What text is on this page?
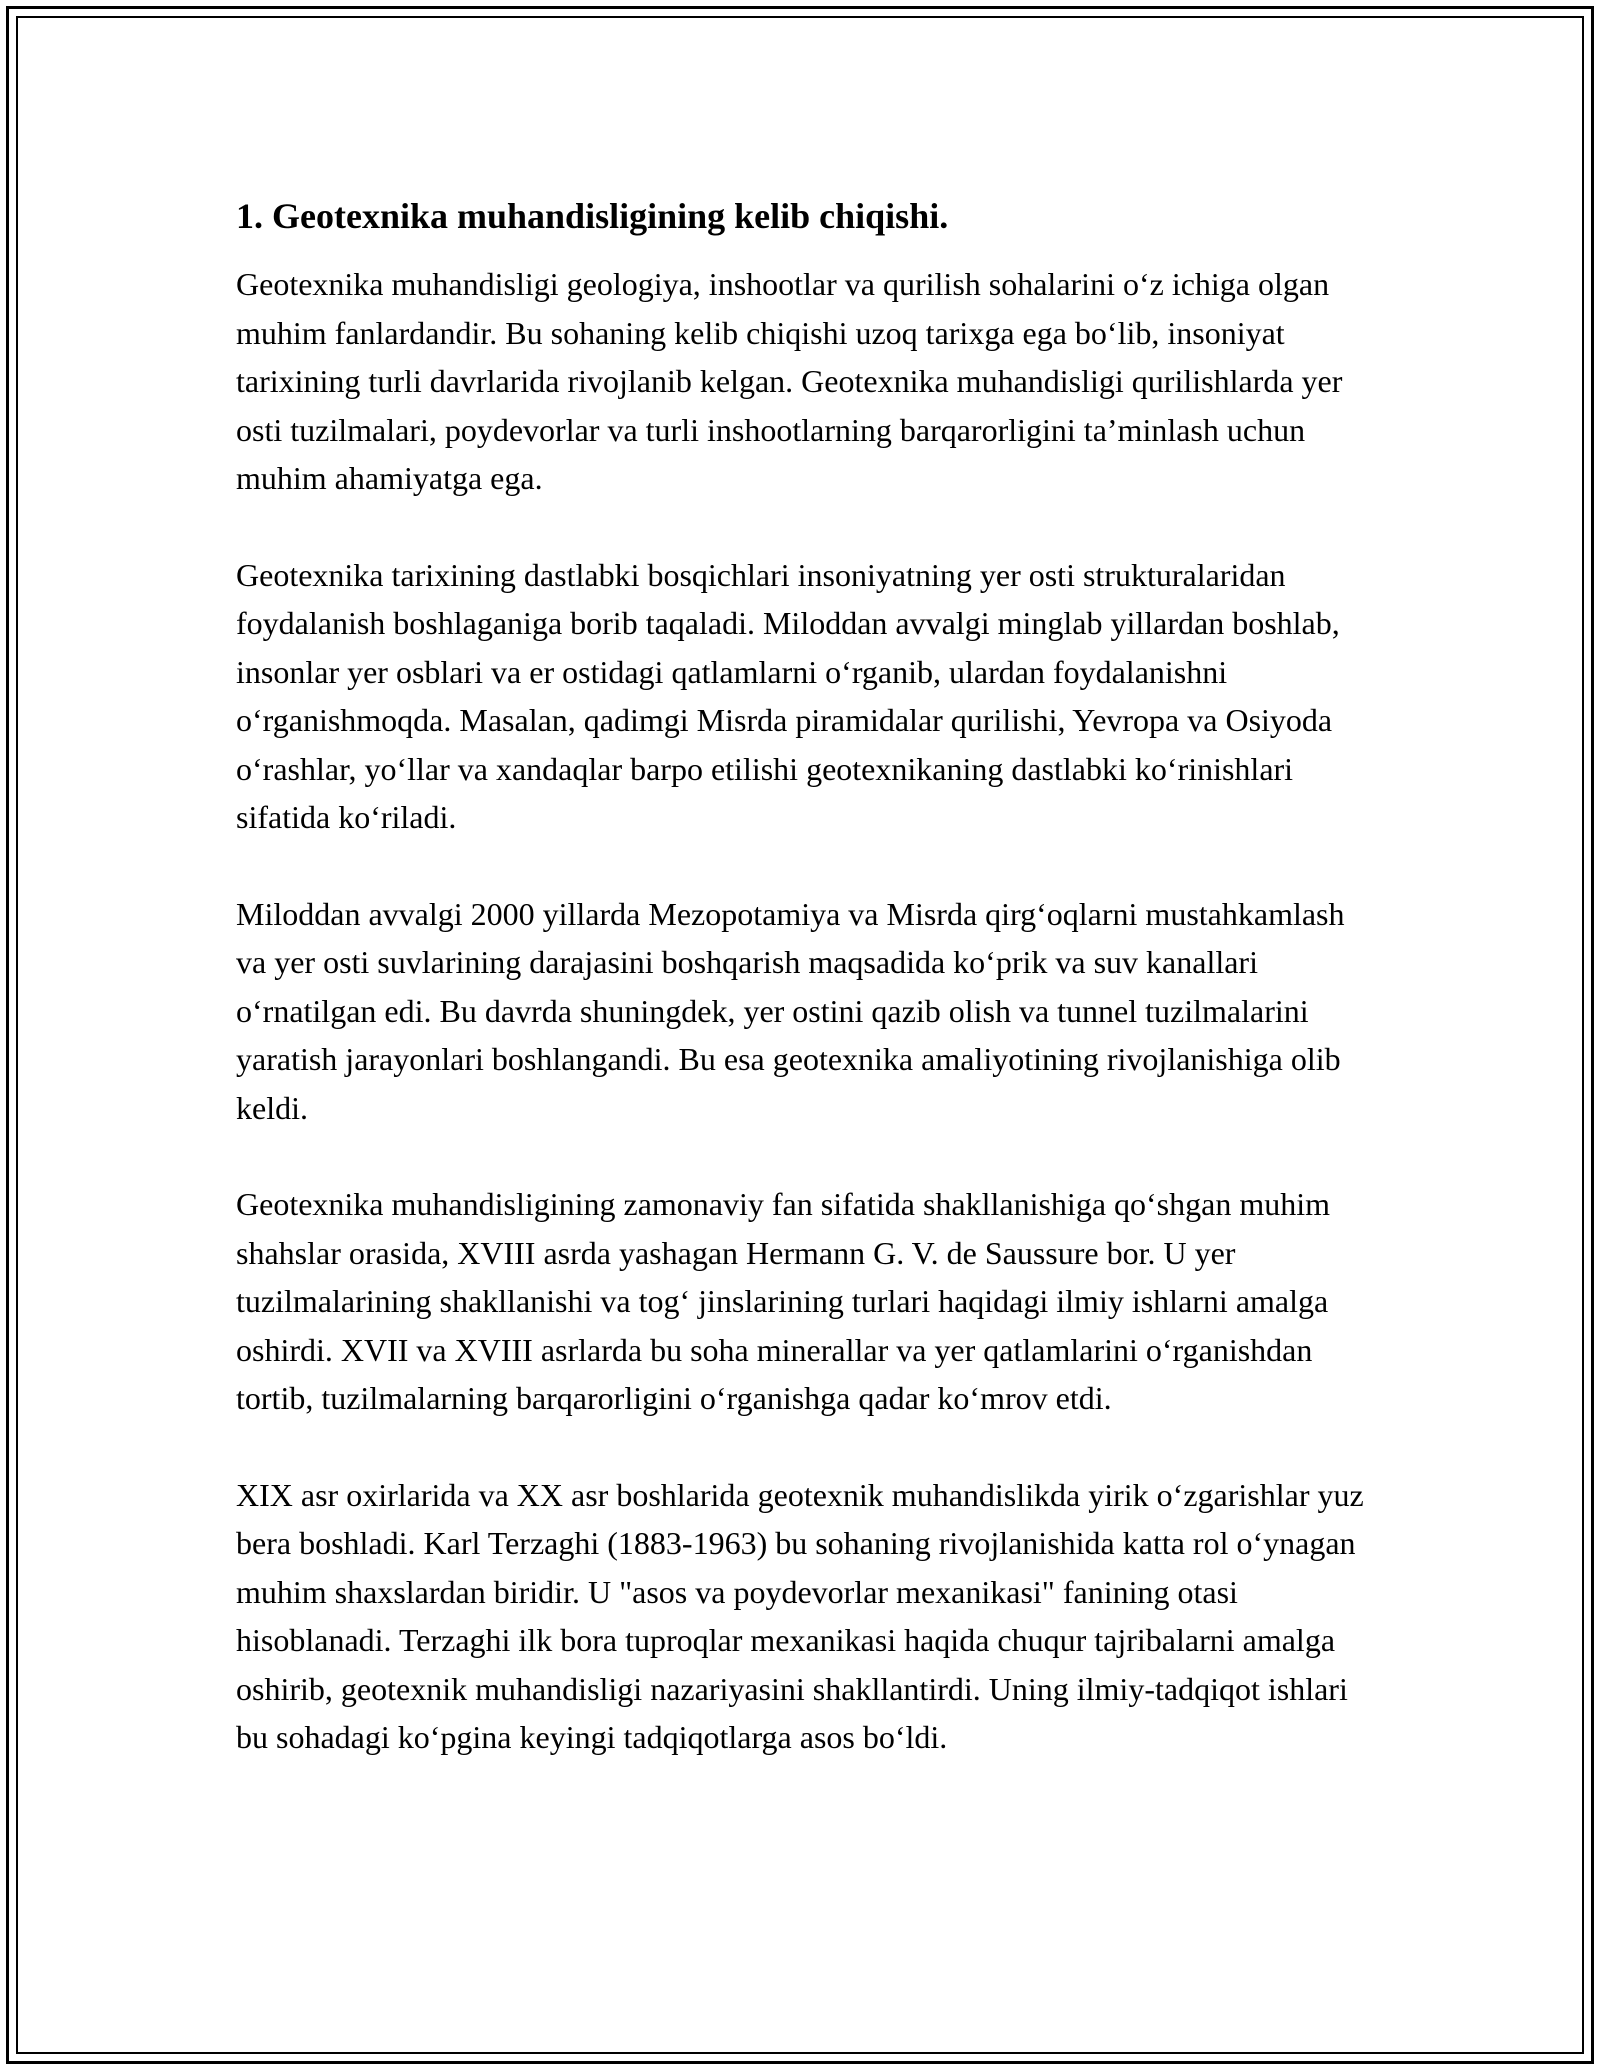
1. Geotexnika muhandisligining kelib chiqishi.

Geotexnika muhandisligi geologiya, inshootlar va qurilish sohalarini o‘z ichiga olgan muhim fanlardandir. Bu sohaning kelib chiqishi uzoq tarixga ega bo‘lib, insoniyat tarixining turli davrlarida rivojlanib kelgan. Geotexnika muhandisligi qurilishlarda yer osti tuzilmalari, poydevorlar va turli inshootlarning barqarorligini ta’minlash uchun muhim ahamiyatga ega.

Geotexnika tarixining dastlabki bosqichlari insoniyatning yer osti strukturalaridan foydalanish boshlaganiga borib taqaladi. Miloddan avvalgi minglab yillardan boshlab, insonlar yer osblari va er ostidagi qatlamlarni o‘rganib, ulardan foydalanishni o‘rganishmoqda. Masalan, qadimgi Misrda piramidalar qurilishi, Yevropa va Osiyoda o‘rashlar, yo‘llar va xandaqlar barpo etilishi geotexnikaning dastlabki ko‘rinishlari sifatida ko‘riladi.

Miloddan avvalgi 2000 yillarda Mezopotamiya va Misrda qirg‘oqlarni mustahkamlash va yer osti suvlarining darajasini boshqarish maqsadida ko‘prik va suv kanallari o‘rnatilgan edi. Bu davrda shuningdek, yer ostini qazib olish va tunnel tuzilmalarini yaratish jarayonlari boshlangandi. Bu esa geotexnika amaliyotining rivojlanishiga olib keldi.

Geotexnika muhandisligining zamonaviy fan sifatida shakllanishiga qo‘shgan muhim shahslar orasida, XVIII asrda yashagan Hermann G. V. de Saussure bor. U yer tuzilmalarining shakllanishi va tog‘ jinslarining turlari haqidagi ilmiy ishlarni amalga oshirdi. XVII va XVIII asrlarda bu soha minerallar va yer qatlamlarini o‘rganishdan tortib, tuzilmalarning barqarorligini o‘rganishga qadar ko‘mrov etdi.

XIX asr oxirlarida va XX asr boshlarida geotexnik muhandislikda yirik o‘zgarishlar yuz bera boshladi. Karl Terzaghi (1883-1963) bu sohaning rivojlanishida katta rol o‘ynagan muhim shaxslardan biridir. U "asos va poydevorlar mexanikasi" fanining otasi hisoblanadi. Terzaghi ilk bora tuproqlar mexanikasi haqida chuqur tajribalarni amalga oshirib, geotexnik muhandisligi nazariyasini shakllantirdi. Uning ilmiy-tadqiqot ishlari bu sohadagi ko‘pgina keyingi tadqiqotlarga asos bo‘ldi.
